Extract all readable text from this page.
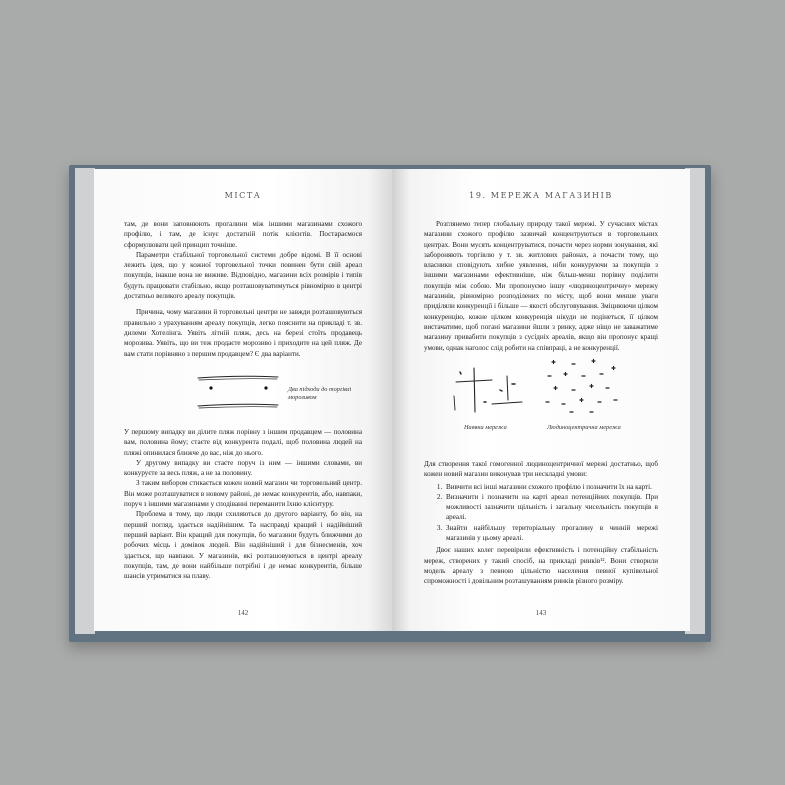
МІСТА

там, де вони заповнюють прогалини між іншими магазинами схожого профілю, і там, де існує достатній потік клієнтів. Постараємося сформулювати цей принцип точніше.

Параметри стабільної торговельної системи добре відомі. В її основі лежить ідея, що у кожної торговельної точки повинен бути свій ареал покупців, інакше вона не виживе. Відповідно, магазини всіх розмірів і типів будуть працювати стабільно, якщо розташовуватимуться рівномірно в центрі достатньо великого ареалу покупців.

Причина, чому магазини й торговельні центри не завжди розташовуються правильно з урахуванням ареалу покупців, легко пояснити на прикладі т. зв. дилеми Хотелінга. Уявіть літній пляж, десь на березі стоїть продавець морозива. Уявіть, що ви теж продаєте морозиво і приходите на цей пляж. Де вам стати порівняно з першим продавцем? Є два варіанти.

Два підходи до торгівлі морозивом

У першому випадку ви ділите пляж порівну з іншим продавцем — половина вам, половина йому; стаєте від конкурента подалі, щоб половина людей на пляжі опинилася ближче до вас, ніж до нього.

У другому випадку ви стаєте поруч із ним — іншими словами, ви конкуруєте за весь пляж, а не за половину.

З таким вибором стикається кожен новий магазин чи торговельний центр. Він може розташуватися в новому районі, де немає конкурентів, або, навпаки, поруч з іншими магазинами у сподіванні переманити їхню клієнтуру.

Проблема в тому, що люди схиляються до другого варіанту, бо він, на перший погляд, здається надійнішим. Та насправді кращий і надійніший перший варіант. Він кращий для покупців, бо магазини будуть ближчими до робочих місць і домівок людей. Він надійніший і для бізнесменів, хоч здається, що навпаки. У магазинів, які розташовуються в центрі ареалу покупців, там, де вони найбільше потрібні і де немає конкурентів, більше шансів утриматися на плаву.

142
19. МЕРЕЖА МАГАЗИНІВ

Розглянемо тепер глобальну природу такої мережі. У сучасних містах магазини схожого профілю зазвичай концентруються в торговельних центрах. Вони мусять концентруватися, почасти через норми зонування, які забороняють торгівлю у т. зв. житлових районах, а почасти тому, що власники сповідують хибне уявлення, ніби конкуруючи за покупців з іншими магазинами ефективніше, ніж більш-менш порівну поділити покупців між собою. Ми пропонуємо іншу «людиноцентричну» мережу магазинів, рівномірно розподілених по місту, щоб вони менше уваги приділяли конкуренції і більше — якості обслуговування. Зміцнюючи цілком конкуренцію, кожне цілком конкуренція нікуди не подінеться, її цілком вистачатиме, щоб погані магазини йшли з ринку, адже ніщо не заважатиме магазину привабити покупців з сусідніх ареалів, якщо він пропонує кращі умови, однак наголос слід робити на співпраці, а не конкуренції.

Наявна мережа	Людиноцентрична мережа

Для створення такої гомогенної людиноцентричної мережі достатньо, щоб кожен новий магазин виконував три нескладні умови:

1. Вивчити всі інші магазини схожого профілю і позначити їх на карті.
2. Визначити і позначити на карті ареал потенційних покупців. При можливості зазначити щільність і загальну чисельність покупців в ареалі.
3. Знайти найбільшу територіальну прогалину в чинній мережі магазинів у цьому ареалі.

Двоє наших колег перевірили ефективність і потенційну стабільність мереж, створених у такий спосіб, на прикладі ринків¹². Вони створили модель ареалу з певною цільністю населення певної купівельної спроможності і довільним розташуванням ринків різного розміру.

143
